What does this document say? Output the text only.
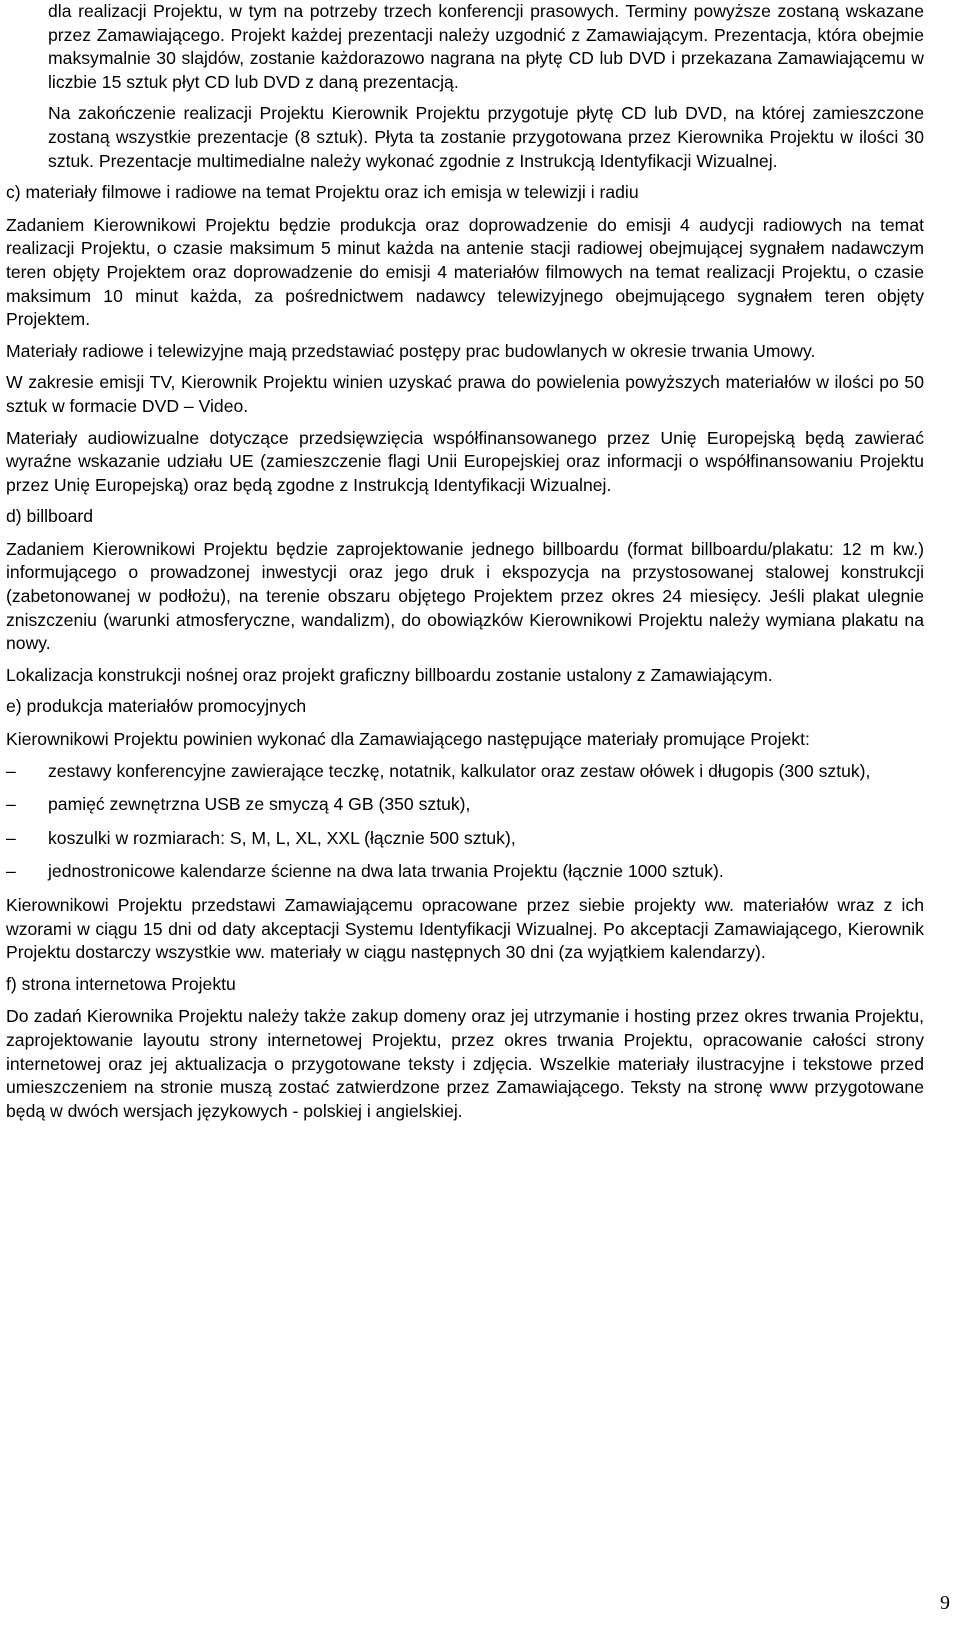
dla realizacji Projektu, w tym na potrzeby trzech konferencji prasowych. Terminy powyższe zostaną wskazane przez Zamawiającego. Projekt każdej prezentacji należy uzgodnić z Zamawiającym. Prezentacja, która obejmie maksymalnie 30 slajdów, zostanie każdorazowo nagrana na płytę CD lub DVD i przekazana Zamawiającemu w liczbie 15 sztuk płyt CD lub DVD z daną prezentacją.

Na zakończenie realizacji Projektu Kierownik Projektu przygotuje płytę CD lub DVD, na której zamieszczone zostaną wszystkie prezentacje (8 sztuk). Płyta ta zostanie przygotowana przez Kierownika Projektu w ilości 30 sztuk. Prezentacje multimedialne należy wykonać zgodnie z Instrukcją Identyfikacji Wizualnej.

c) materiały filmowe i radiowe na temat Projektu oraz ich emisja w telewizji i radiu

Zadaniem Kierownikowi Projektu będzie produkcja oraz doprowadzenie do emisji 4 audycji radiowych na temat realizacji Projektu, o czasie maksimum 5 minut każda na antenie stacji radiowej obejmującej sygnałem nadawczym teren objęty Projektem oraz doprowadzenie do emisji 4 materiałów filmowych na temat realizacji Projektu, o czasie maksimum 10 minut każda, za pośrednictwem nadawcy telewizyjnego obejmującego sygnałem teren objęty Projektem.

Materiały radiowe i telewizyjne mają przedstawiać postępy prac budowlanych w okresie trwania Umowy.

W zakresie emisji TV, Kierownik Projektu winien uzyskać prawa do powielenia powyższych materiałów w ilości po 50 sztuk w formacie DVD – Video.

Materiały audiowizualne dotyczące przedsięwzięcia współfinansowanego przez Unię Europejską będą zawierać wyraźne wskazanie udziału UE (zamieszczenie flagi Unii Europejskiej oraz informacji o współfinansowaniu Projektu przez Unię Europejską) oraz będą zgodne z Instrukcją Identyfikacji Wizualnej.

d) billboard

Zadaniem Kierownikowi Projektu będzie zaprojektowanie jednego billboardu (format billboardu/plakatu: 12 m kw.) informującego o prowadzonej inwestycji oraz jego druk i ekspozycja na przystosowanej stalowej konstrukcji (zabetonowanej w podłożu), na terenie obszaru objętego Projektem przez okres 24 miesięcy. Jeśli plakat ulegnie zniszczeniu (warunki atmosferyczne, wandalizm), do obowiązków Kierownikowi Projektu należy wymiana plakatu na nowy.

Lokalizacja konstrukcji nośnej oraz projekt graficzny billboardu zostanie ustalony z Zamawiającym.

e) produkcja materiałów promocyjnych

Kierownikowi Projektu powinien wykonać dla Zamawiającego następujące materiały promujące Projekt:

– zestawy konferencyjne zawierające teczkę, notatnik, kalkulator oraz zestaw ołówek i długopis (300 sztuk),
– pamięć zewnętrzna USB ze smyczą 4 GB (350 sztuk),
– koszulki w rozmiarach: S, M, L, XL, XXL (łącznie 500 sztuk),
– jednostronicowe kalendarze ścienne na dwa lata trwania Projektu (łącznie 1000 sztuk).

Kierownikowi Projektu przedstawi Zamawiającemu opracowane przez siebie projekty ww. materiałów wraz z ich wzorami w ciągu 15 dni od daty akceptacji Systemu Identyfikacji Wizualnej. Po akceptacji Zamawiającego, Kierownik Projektu dostarczy wszystkie ww. materiały w ciągu następnych 30 dni (za wyjątkiem kalendarzy).

f) strona internetowa Projektu

Do zadań Kierownika Projektu należy także zakup domeny oraz jej utrzymanie i hosting przez okres trwania Projektu, zaprojektowanie layoutu strony internetowej Projektu, przez okres trwania Projektu, opracowanie całości strony internetowej oraz jej aktualizacja o przygotowane teksty i zdjęcia. Wszelkie materiały ilustracyjne i tekstowe przed umieszczeniem na stronie muszą zostać zatwierdzone przez Zamawiającego. Teksty na stronę www przygotowane będą w dwóch wersjach językowych - polskiej i angielskiej.

9
